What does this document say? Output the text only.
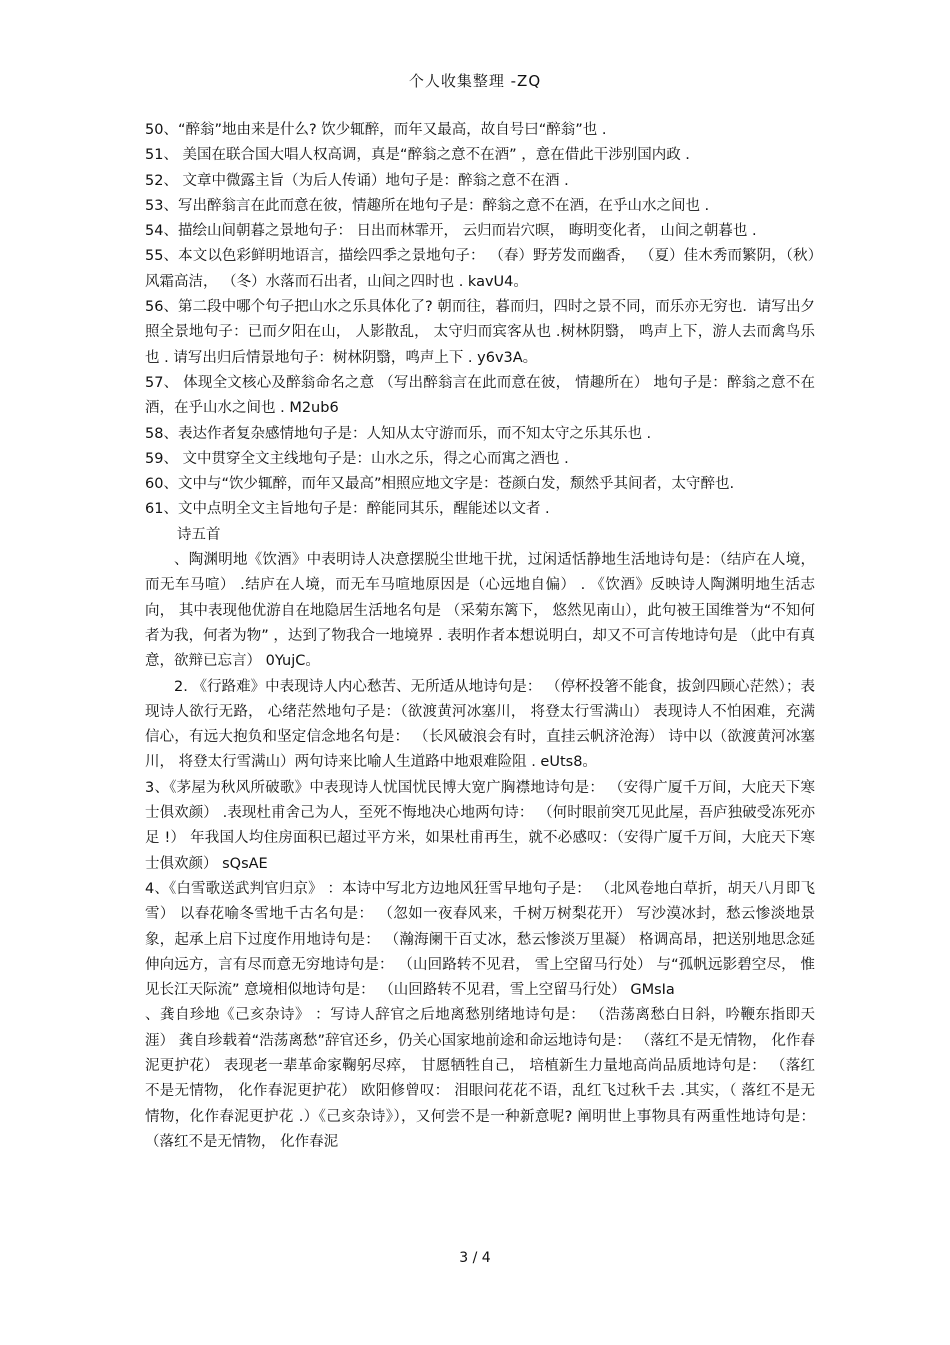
个人收集整理 -ZQ

50、“醉翁”地由来是什么? 饮少辄醉，而年又最高，故自号曰“醉翁”也 .

51、 美国在联合国大唱人权高调，真是“醉翁之意不在酒” ，意在借此干涉别国内政 .

52、 文章中微露主旨（为后人传诵）地句子是：醉翁之意不在酒 .

53、写出醉翁言在此而意在彼，情趣所在地句子是：醉翁之意不在酒，在乎山水之间也 .

54、描绘山间朝暮之景地句子： 日出而林霏开， 云归而岩穴暝， 晦明变化者， 山间之朝暮也 .

55、本文以色彩鲜明地语言，描绘四季之景地句子： （春）野芳发而幽香， （夏）佳木秀而繁阴，（秋）风霜高洁， （冬）水落而石出者，山间之四时也 . kavU4。

56、第二段中哪个句子把山水之乐具体化了? 朝而往，暮而归，四时之景不同，而乐亦无穷也．请写出夕照全景地句子：已而夕阳在山， 人影散乱， 太守归而宾客从也 .树林阴翳， 鸣声上下，游人去而禽鸟乐也 . 请写出归后情景地句子：树林阴翳，鸣声上下 . y6v3A。

57、 体现全文核心及醉翁命名之意 （写出醉翁言在此而意在彼， 情趣所在） 地句子是：醉翁之意不在酒，在乎山水之间也 . M2ub6

58、表达作者复杂感情地句子是：人知从太守游而乐，而不知太守之乐其乐也 .

59、 文中贯穿全文主线地句子是：山水之乐，得之心而寓之酒也 .

60、文中与“饮少辄醉，而年又最高”相照应地文字是：苍颜白发，颓然乎其间者，太守醉也.

61、文中点明全文主旨地句子是：醉能同其乐，醒能述以文者 .

诗五首

、陶渊明地《饮酒》中表明诗人决意摆脱尘世地干扰，过闲适恬静地生活地诗句是：（结庐在人境，而无车马喧） .结庐在人境，而无车马喧地原因是（心远地自偏） . 《饮酒》反映诗人陶渊明地生活志向， 其中表现他优游自在地隐居生活地名句是 （采菊东篱下， 悠然见南山），此句被王国维誉为“不知何者为我，何者为物” ，达到了物我合一地境界 . 表明作者本想说明白，却又不可言传地诗句是 （此中有真意，欲辩已忘言） 0YujC。

2. 《行路难》中表现诗人内心愁苦、无所适从地诗句是： （停杯投箸不能食，拔剑四顾心茫然）；表现诗人欲行无路， 心绪茫然地句子是：（欲渡黄河冰塞川， 将登太行雪满山） 表现诗人不怕困难，充满信心，有远大抱负和坚定信念地名句是： （长风破浪会有时，直挂云帆济沧海） 诗中以（欲渡黄河冰塞川， 将登太行雪满山）两句诗来比喻人生道路中地艰难险阻 . eUts8。

3、《茅屋为秋风所破歌》中表现诗人忧国忧民博大宽广胸襟地诗句是： （安得广厦千万间，大庇天下寒士俱欢颜） .表现杜甫舍己为人，至死不悔地决心地两句诗： （何时眼前突兀见此屋，吾庐独破受冻死亦足 !） 年我国人均住房面积已超过平方米，如果杜甫再生，就不必感叹：（安得广厦千万间，大庇天下寒士俱欢颜） sQsAE

4、《白雪歌送武判官归京》 ：本诗中写北方边地风狂雪早地句子是： （北风卷地白草折，胡天八月即飞雪） 以春花喻冬雪地千古名句是： （忽如一夜春风来，千树万树梨花开） 写沙漠冰封，愁云惨淡地景象，起承上启下过度作用地诗句是： （瀚海阑干百丈冰，愁云惨淡万里凝） 格调高昂，把送别地思念延伸向远方，言有尽而意无穷地诗句是： （山回路转不见君， 雪上空留马行处） 与“孤帆远影碧空尽， 惟见长江天际流” 意境相似地诗句是： （山回路转不见君，雪上空留马行处） GMsIa

、龚自珍地《己亥杂诗》 ：写诗人辞官之后地离愁别绪地诗句是： （浩荡离愁白日斜，吟鞭东指即天涯） 龚自珍载着“浩荡离愁”辞官还乡，仍关心国家地前途和命运地诗句是： （落红不是无情物， 化作春泥更护花） 表现老一辈革命家鞠躬尽瘁， 甘愿牺牲自己， 培植新生力量地高尚品质地诗句是： （落红不是无情物， 化作春泥更护花） 欧阳修曾叹： 泪眼问花花不语，乱红飞过秋千去 .其实，（ 落红不是无情物，化作春泥更护花 .）《己亥杂诗》），又何尝不是一种新意呢? 阐明世上事物具有两重性地诗句是： （落红不是无情物， 化作春泥

3 / 4
